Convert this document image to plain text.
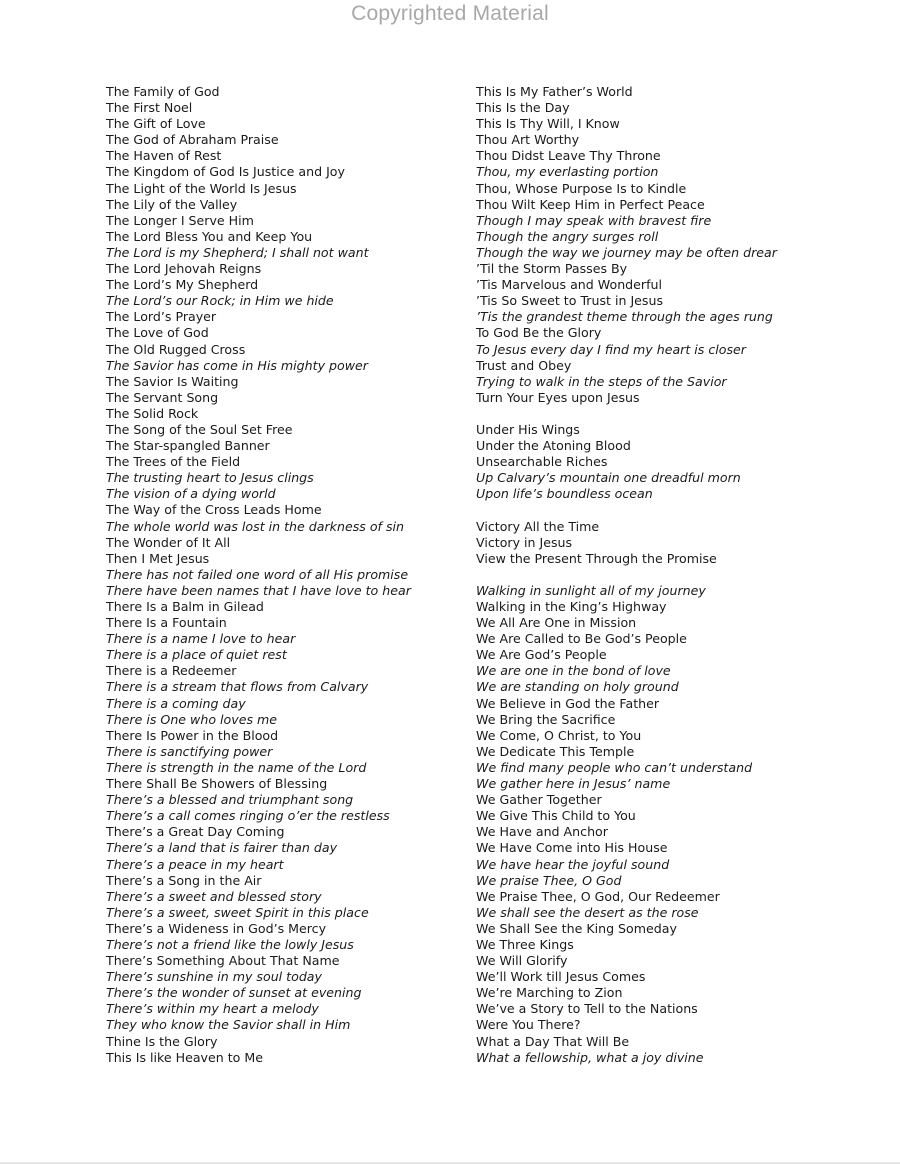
Copyrighted Material
The Family of God
The First Noel
The Gift of Love
The God of Abraham Praise
The Haven of Rest
The Kingdom of God Is Justice and Joy
The Light of the World Is Jesus
The Lily of the Valley
The Longer I Serve Him
The Lord Bless You and Keep You
The Lord is my Shepherd; I shall not want
The Lord Jehovah Reigns
The Lord’s My Shepherd
The Lord’s our Rock; in Him we hide
The Lord’s Prayer
The Love of God
The Old Rugged Cross
The Savior has come in His mighty power
The Savior Is Waiting
The Servant Song
The Solid Rock
The Song of the Soul Set Free
The Star-spangled Banner
The Trees of the Field
The trusting heart to Jesus clings
The vision of a dying world
The Way of the Cross Leads Home
The whole world was lost in the darkness of sin
The Wonder of It All
Then I Met Jesus
There has not failed one word of all His promise
There have been names that I have love to hear
There Is a Balm in Gilead
There Is a Fountain
There is a name I love to hear
There is a place of quiet rest
There is a Redeemer
There is a stream that flows from Calvary
There is a coming day
There is One who loves me
There Is Power in the Blood
There is sanctifying power
There is strength in the name of the Lord
There Shall Be Showers of Blessing
There’s a blessed and triumphant song
There’s a call comes ringing o’er the restless
There’s a Great Day Coming
There’s a land that is fairer than day
There’s a peace in my heart
There’s a Song in the Air
There’s a sweet and blessed story
There’s a sweet, sweet Spirit in this place
There’s a Wideness in God’s Mercy
There’s not a friend like the lowly Jesus
There’s Something About That Name
There’s sunshine in my soul today
There’s the wonder of sunset at evening
There’s within my heart a melody
They who know the Savior shall in Him
Thine Is the Glory
This Is like Heaven to Me
This Is My Father’s World
This Is the Day
This Is Thy Will, I Know
Thou Art Worthy
Thou Didst Leave Thy Throne
Thou, my everlasting portion
Thou, Whose Purpose Is to Kindle
Thou Wilt Keep Him in Perfect Peace
Though I may speak with bravest fire
Though the angry surges roll
Though the way we journey may be often drear
’Til the Storm Passes By
’Tis Marvelous and Wonderful
’Tis So Sweet to Trust in Jesus
’Tis the grandest theme through the ages rung
To God Be the Glory
To Jesus every day I find my heart is closer
Trust and Obey
Trying to walk in the steps of the Savior
Turn Your Eyes upon Jesus
Under His Wings
Under the Atoning Blood
Unsearchable Riches
Up Calvary’s mountain one dreadful morn
Upon life’s boundless ocean
Victory All the Time
Victory in Jesus
View the Present Through the Promise
Walking in sunlight all of my journey
Walking in the King’s Highway
We All Are One in Mission
We Are Called to Be God’s People
We Are God’s People
We are one in the bond of love
We are standing on holy ground
We Believe in God the Father
We Bring the Sacrifice
We Come, O Christ, to You
We Dedicate This Temple
We find many people who can’t understand
We gather here in Jesus’ name
We Gather Together
We Give This Child to You
We Have and Anchor
We Have Come into His House
We have hear the joyful sound
We praise Thee, O God
We Praise Thee, O God, Our Redeemer
We shall see the desert as the rose
We Shall See the King Someday
We Three Kings
We Will Glorify
We’ll Work till Jesus Comes
We’re Marching to Zion
We’ve a Story to Tell to the Nations
Were You There?
What a Day That Will Be
What a fellowship, what a joy divine
